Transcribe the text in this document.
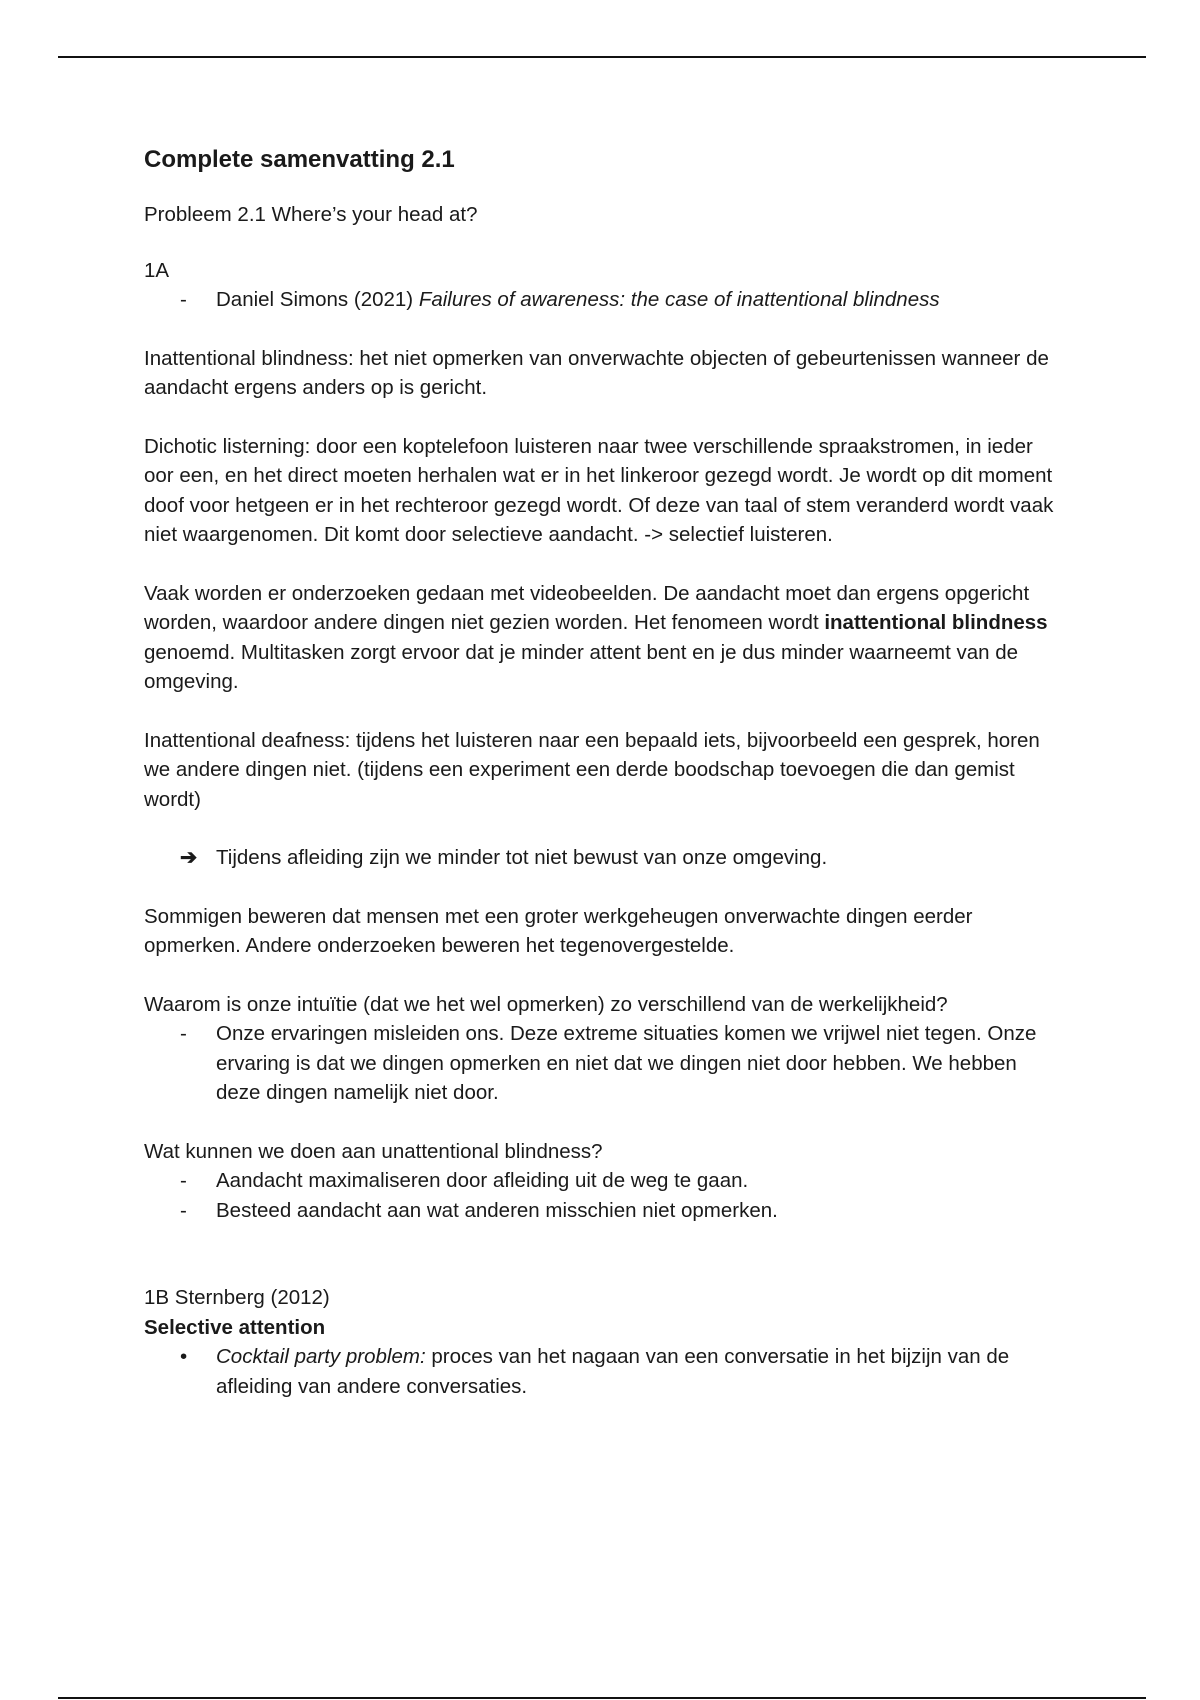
Complete samenvatting 2.1

Probleem 2.1 Where’s your head at?

1A

-	Daniel Simons (2021) Failures of awareness: the case of inattentional blindness

Inattentional blindness: het niet opmerken van onverwachte objecten of gebeurtenissen wanneer de aandacht ergens anders op is gericht.

Dichotic listerning: door een koptelefoon luisteren naar twee verschillende spraakstromen, in ieder oor een, en het direct moeten herhalen wat er in het linkeroor gezegd wordt. Je wordt op dit moment doof voor hetgeen er in het rechteroor gezegd wordt. Of deze van taal of stem veranderd wordt vaak niet waargenomen. Dit komt door selectieve aandacht. -> selectief luisteren.

Vaak worden er onderzoeken gedaan met videobeelden. De aandacht moet dan ergens opgericht worden, waardoor andere dingen niet gezien worden. Het fenomeen wordt inattentional blindness genoemd. Multitasken zorgt ervoor dat je minder attent bent en je dus minder waarneemt van de omgeving.

Inattentional deafness: tijdens het luisteren naar een bepaald iets, bijvoorbeeld een gesprek, horen we andere dingen niet. (tijdens een experiment een derde boodschap toevoegen die dan gemist wordt)

➔ Tijdens afleiding zijn we minder tot niet bewust van onze omgeving.

Sommigen beweren dat mensen met een groter werkgeheugen onverwachte dingen eerder opmerken. Andere onderzoeken beweren het tegenovergestelde.

Waarom is onze intuïtie (dat we het wel opmerken) zo verschillend van de werkelijkheid?

-	Onze ervaringen misleiden ons. Deze extreme situaties komen we vrijwel niet tegen. Onze ervaring is dat we dingen opmerken en niet dat we dingen niet door hebben. We hebben deze dingen namelijk niet door.

Wat kunnen we doen aan unattentional blindness?

-	Aandacht maximaliseren door afleiding uit de weg te gaan.
-	Besteed aandacht aan wat anderen misschien niet opmerken.

1B Sternberg (2012)

Selective attention

•	Cocktail party problem: proces van het nagaan van een conversatie in het bijzijn van de afleiding van andere conversaties.
